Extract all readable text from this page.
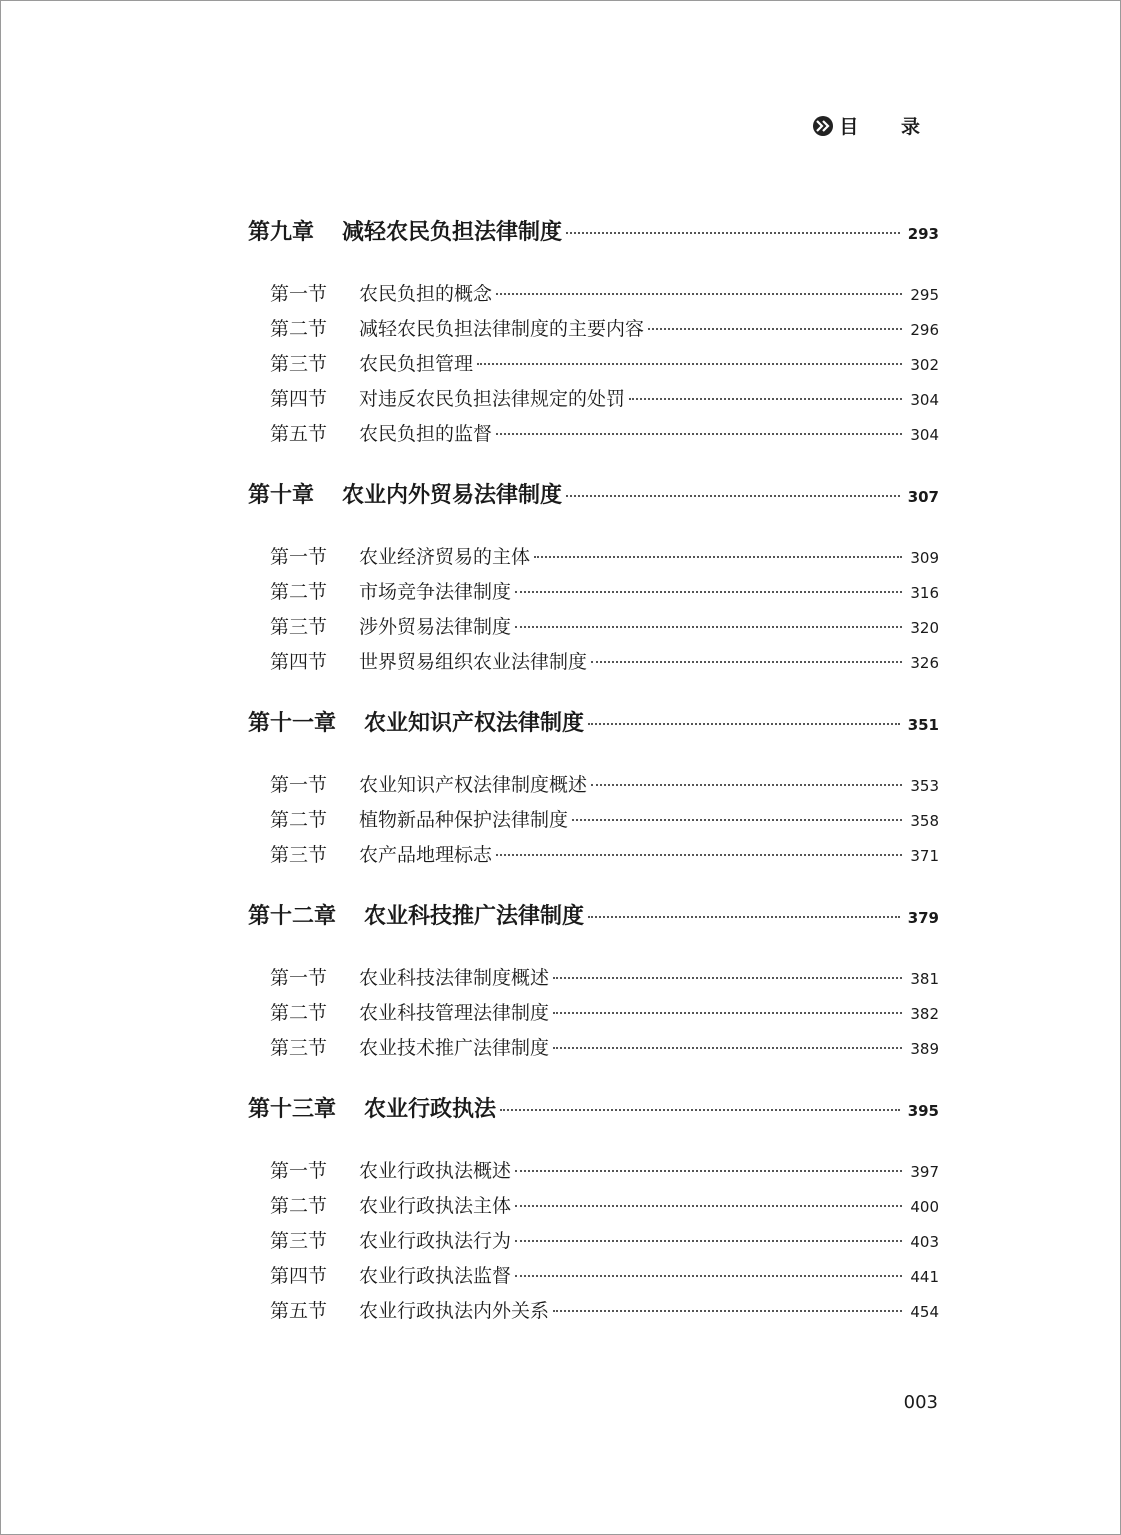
目 录
第九章	减轻农民负担法律制度	293
第一节	农民负担的概念	295
第二节	减轻农民负担法律制度的主要内容	296
第三节	农民负担管理	302
第四节	对违反农民负担法律规定的处罚	304
第五节	农民负担的监督	304
第十章	农业内外贸易法律制度	307
第一节	农业经济贸易的主体	309
第二节	市场竞争法律制度	316
第三节	涉外贸易法律制度	320
第四节	世界贸易组织农业法律制度	326
第十一章	农业知识产权法律制度	351
第一节	农业知识产权法律制度概述	353
第二节	植物新品种保护法律制度	358
第三节	农产品地理标志	371
第十二章	农业科技推广法律制度	379
第一节	农业科技法律制度概述	381
第二节	农业科技管理法律制度	382
第三节	农业技术推广法律制度	389
第十三章	农业行政执法	395
第一节	农业行政执法概述	397
第二节	农业行政执法主体	400
第三节	农业行政执法行为	403
第四节	农业行政执法监督	441
第五节	农业行政执法内外关系	454
003
